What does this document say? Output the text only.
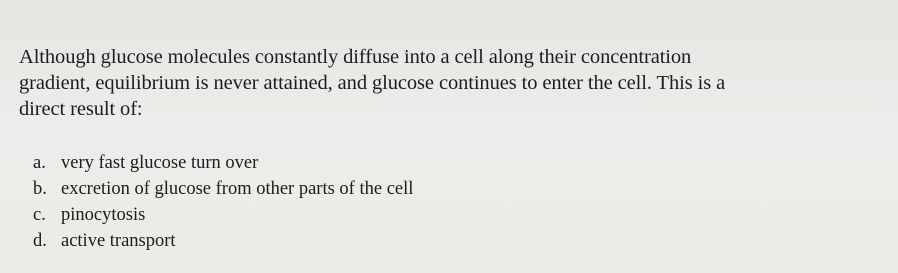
Although glucose molecules constantly diffuse into a cell along their concentration
gradient, equilibrium is never attained, and glucose continues to enter the cell. This is a
direct result of:

a. very fast glucose turn over
b. excretion of glucose from other parts of the cell
c. pinocytosis
d. active transport
